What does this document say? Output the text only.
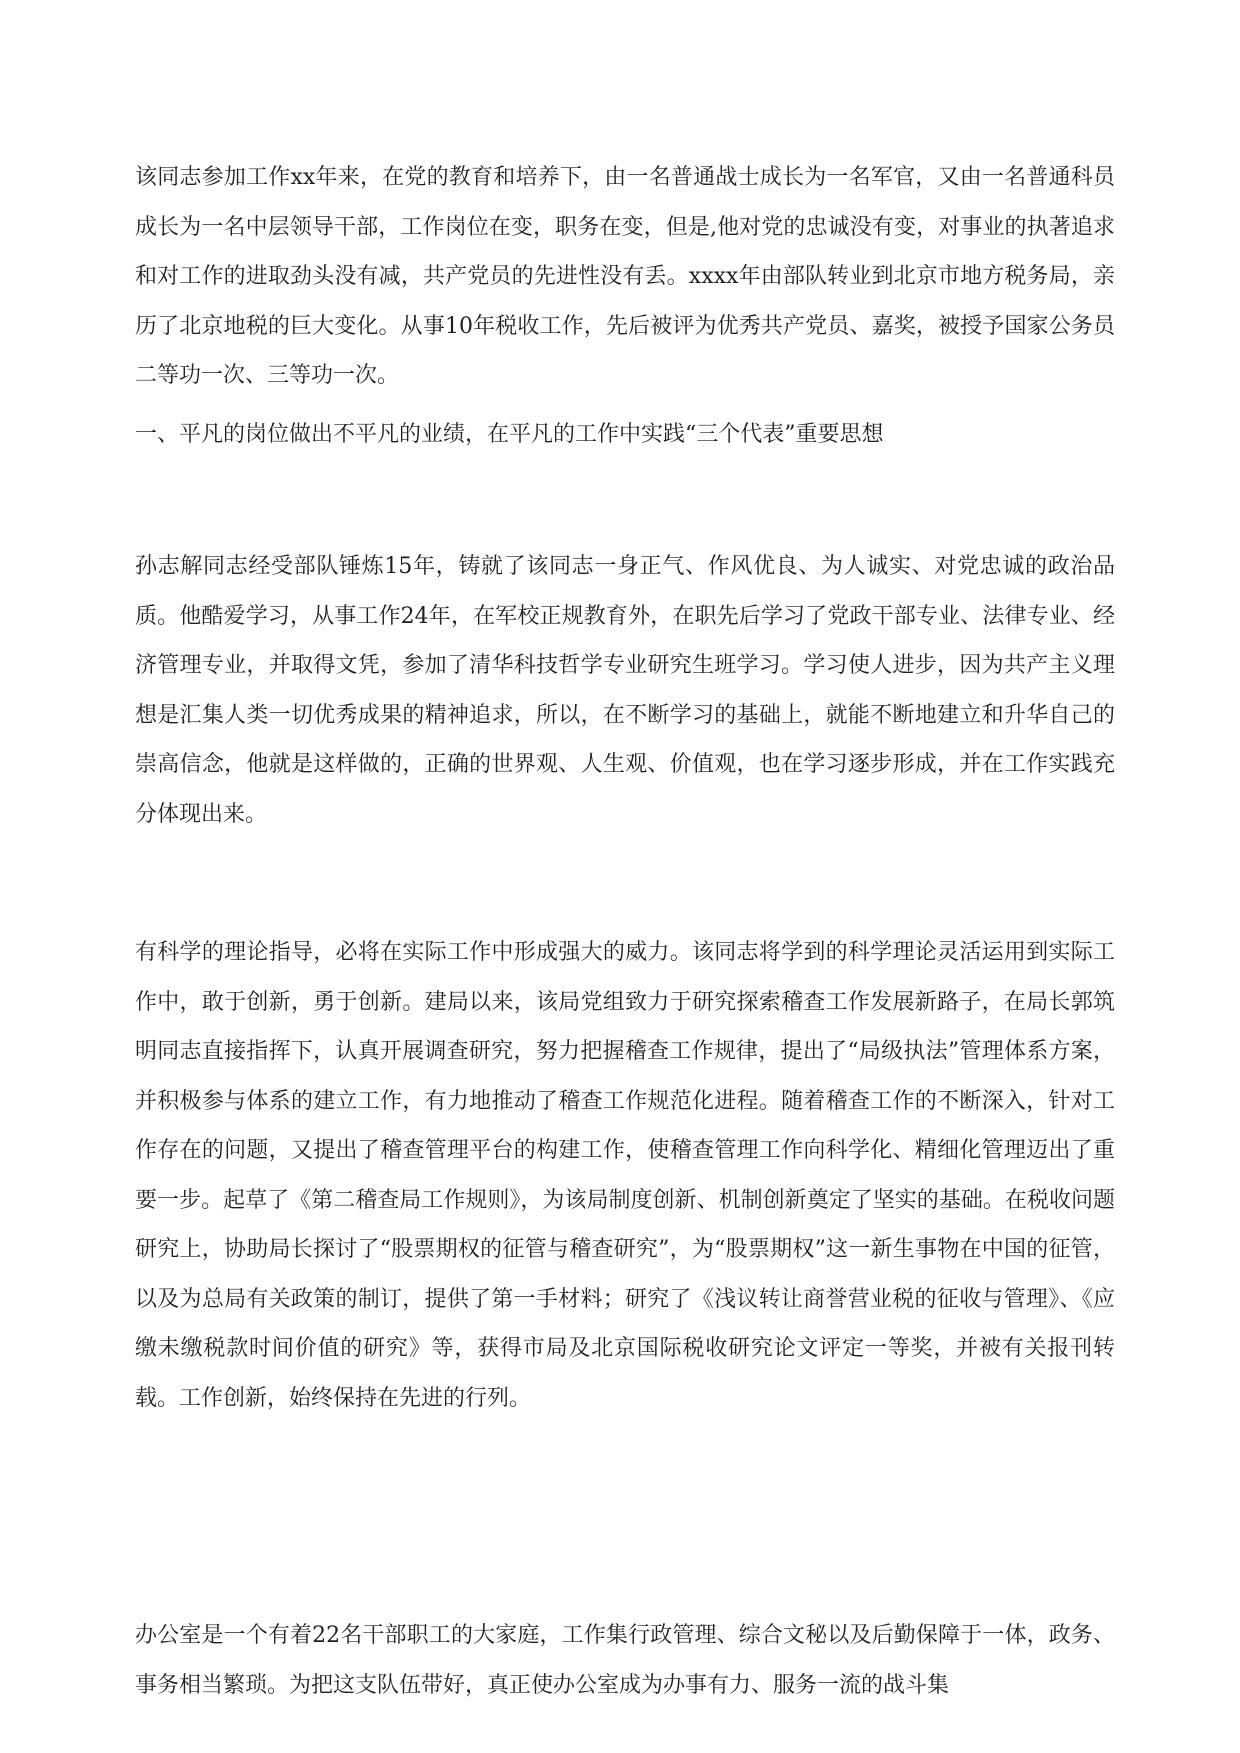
该同志参加工作xx年来，在党的教育和培养下，由一名普通战士成长为一名军官，又由一名普通科员成长为一名中层领导干部，工作岗位在变，职务在变，但是,他对党的忠诚没有变，对事业的执著追求和对工作的进取劲头没有减，共产党员的先进性没有丢。xxxx年由部队转业到北京市地方税务局，亲历了北京地税的巨大变化。从事10年税收工作，先后被评为优秀共产党员、嘉奖，被授予国家公务员二等功一次、三等功一次。

一、平凡的岗位做出不平凡的业绩，在平凡的工作中实践“三个代表”重要思想

孙志解同志经受部队锤炼15年，铸就了该同志一身正气、作风优良、为人诚实、对党忠诚的政治品质。他酷爱学习，从事工作24年，在军校正规教育外，在职先后学习了党政干部专业、法律专业、经济管理专业，并取得文凭，参加了清华科技哲学专业研究生班学习。学习使人进步，因为共产主义理想是汇集人类一切优秀成果的精神追求，所以，在不断学习的基础上，就能不断地建立和升华自己的崇高信念，他就是这样做的，正确的世界观、人生观、价值观，也在学习逐步形成，并在工作实践充分体现出来。

有科学的理论指导，必将在实际工作中形成强大的威力。该同志将学到的科学理论灵活运用到实际工作中，敢于创新，勇于创新。建局以来，该局党组致力于研究探索稽查工作发展新路子，在局长郭筑明同志直接指挥下，认真开展调查研究，努力把握稽查工作规律，提出了“局级执法”管理体系方案，并积极参与体系的建立工作，有力地推动了稽查工作规范化进程。随着稽查工作的不断深入，针对工作存在的问题，又提出了稽查管理平台的构建工作，使稽查管理工作向科学化、精细化管理迈出了重要一步。起草了《第二稽查局工作规则》，为该局制度创新、机制创新奠定了坚实的基础。在税收问题研究上，协助局长探讨了“股票期权的征管与稽查研究”，为“股票期权”这一新生事物在中国的征管，以及为总局有关政策的制订，提供了第一手材料；研究了《浅议转让商誉营业税的征收与管理》、《应缴未缴税款时间价值的研究》等，获得市局及北京国际税收研究论文评定一等奖，并被有关报刊转载。工作创新，始终保持在先进的行列。

办公室是一个有着22名干部职工的大家庭，工作集行政管理、综合文秘以及后勤保障于一体，政务、事务相当繁琐。为把这支队伍带好，真正使办公室成为办事有力、服务一流的战斗集
